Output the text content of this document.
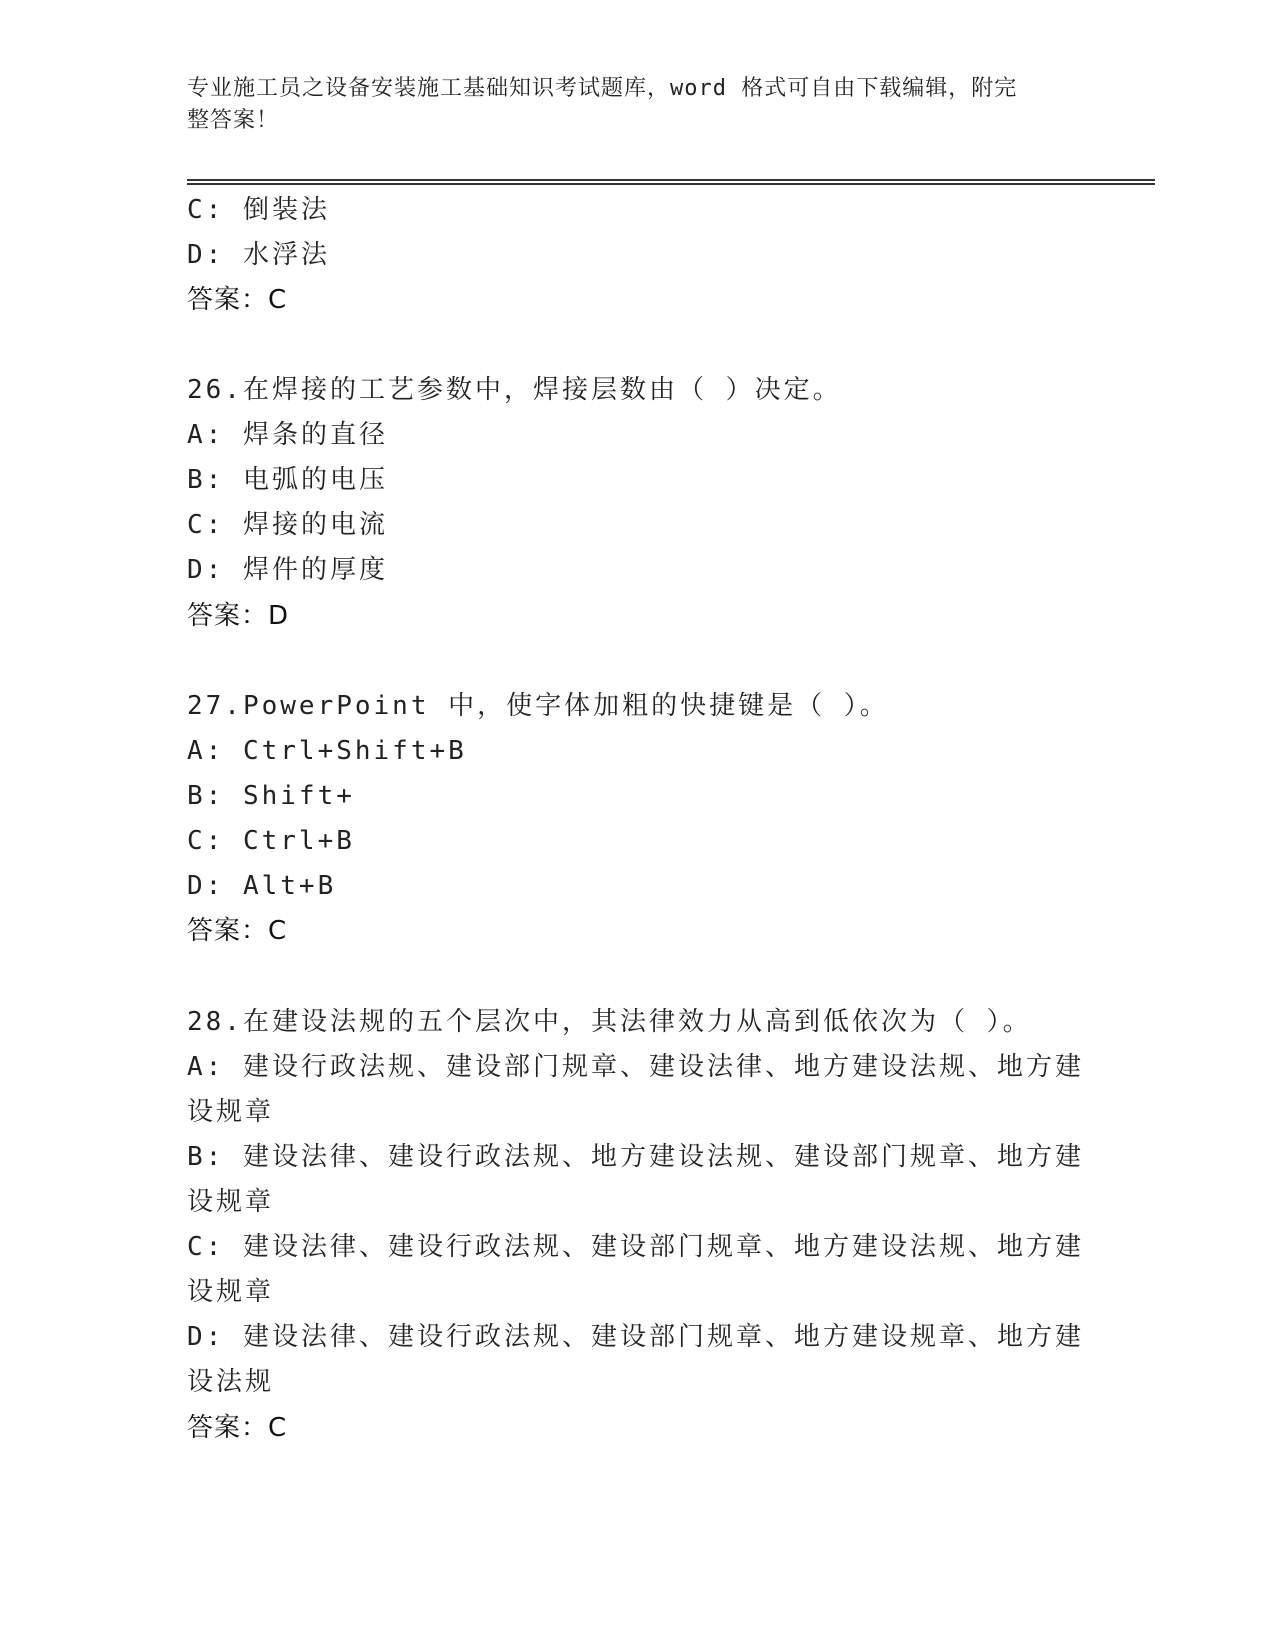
专业施工员之设备安装施工基础知识考试题库，word 格式可自由下载编辑，附完
整答案！
C: 倒装法
D: 水浮法
答案：C
26.在焊接的工艺参数中，焊接层数由（ ）决定。
A: 焊条的直径
B: 电弧的电压
C: 焊接的电流
D: 焊件的厚度
答案：D
27.PowerPoint 中，使字体加粗的快捷键是（ ）。
A: Ctrl+Shift+B
B: Shift+
C: Ctrl+B
D: Alt+B
答案：C
28.在建设法规的五个层次中，其法律效力从高到低依次为（ ）。
A: 建设行政法规、建设部门规章、建设法律、地方建设法规、地方建
设规章
B: 建设法律、建设行政法规、地方建设法规、建设部门规章、地方建
设规章
C: 建设法律、建设行政法规、建设部门规章、地方建设法规、地方建
设规章
D: 建设法律、建设行政法规、建设部门规章、地方建设规章、地方建
设法规
答案：C
